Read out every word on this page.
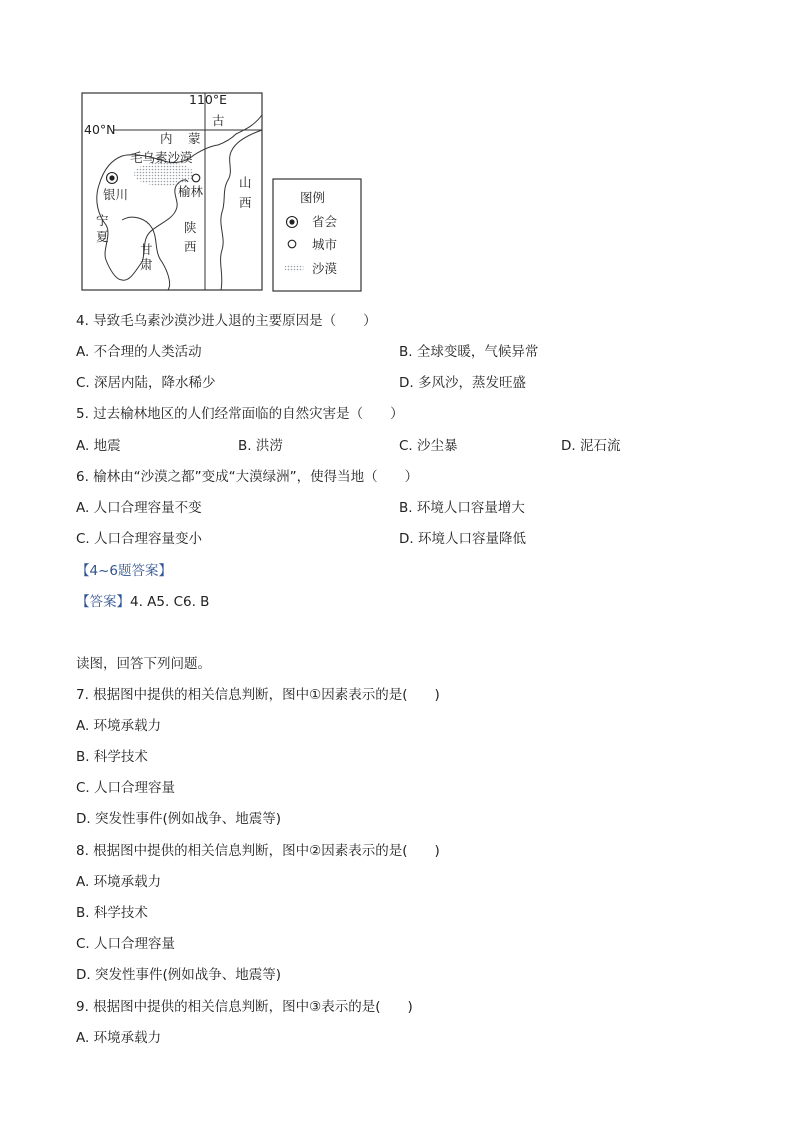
110°E
40°N
内 蒙
古
毛乌素沙漠
银川	榆林
宁
夏
甘
肃
陕
西
山
西	图例
省会
城市
沙漠
4. 导致毛乌素沙漠沙进人退的主要原因是（　　）
A. 不合理的人类活动	B. 全球变暖，气候异常
C. 深居内陆，降水稀少	D. 多风沙，蒸发旺盛
5. 过去榆林地区的人们经常面临的自然灾害是（　　）
A. 地震	B. 洪涝	C. 沙尘暴	D. 泥石流
6. 榆林由“沙漠之都”变成“大漠绿洲”，使得当地（　　）
A. 人口合理容量不变	B. 环境人口容量增大
C. 人口合理容量变小	D. 环境人口容量降低
【4~6题答案】
【答案】4. A5. C6. B
读图，回答下列问题。
7. 根据图中提供的相关信息判断，图中①因素表示的是(　　)
A. 环境承载力
B. 科学技术
C. 人口合理容量
D. 突发性事件(例如战争、地震等)
8. 根据图中提供的相关信息判断，图中②因素表示的是(　　)
A. 环境承载力
B. 科学技术
C. 人口合理容量
D. 突发性事件(例如战争、地震等)
9. 根据图中提供的相关信息判断，图中③表示的是(　　)
A. 环境承载力
